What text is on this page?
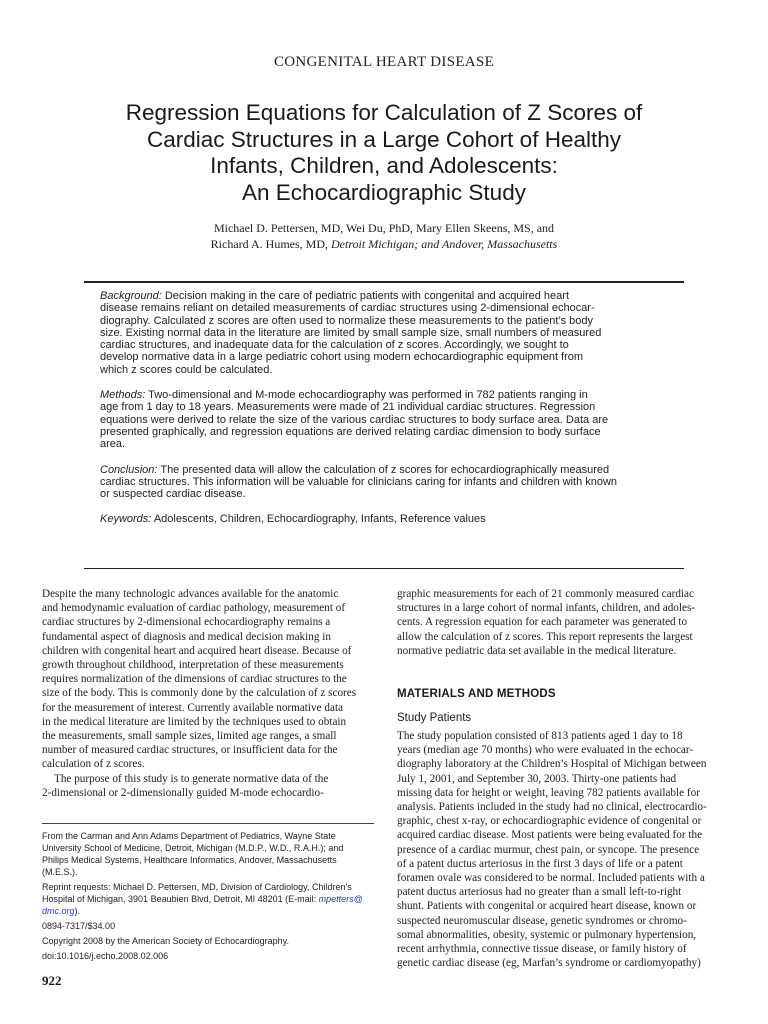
CONGENITAL HEART DISEASE
Regression Equations for Calculation of Z Scores of
Cardiac Structures in a Large Cohort of Healthy
Infants, Children, and Adolescents:
An Echocardiographic Study
Michael D. Pettersen, MD, Wei Du, PhD, Mary Ellen Skeens, MS, and
Richard A. Humes, MD, Detroit Michigan; and Andover, Massachusetts
Background: Decision making in the care of pediatric patients with congenital and acquired heart
disease remains reliant on detailed measurements of cardiac structures using 2-dimensional echocar-
diography. Calculated z scores are often used to normalize these measurements to the patient’s body
size. Existing normal data in the literature are limited by small sample size, small numbers of measured
cardiac structures, and inadequate data for the calculation of z scores. Accordingly, we sought to
develop normative data in a large pediatric cohort using modern echocardiographic equipment from
which z scores could be calculated.
Methods: Two-dimensional and M-mode echocardiography was performed in 782 patients ranging in
age from 1 day to 18 years. Measurements were made of 21 individual cardiac structures. Regression
equations were derived to relate the size of the various cardiac structures to body surface area. Data are
presented graphically, and regression equations are derived relating cardiac dimension to body surface
area.
Conclusion: The presented data will allow the calculation of z scores for echocardiographically measured
cardiac structures. This information will be valuable for clinicians caring for infants and children with known
or suspected cardiac disease.
Keywords: Adolescents, Children, Echocardiography, Infants, Reference values
Despite the many technologic advances available for the anatomic
and hemodynamic evaluation of cardiac pathology, measurement of
cardiac structures by 2-dimensional echocardiography remains a
fundamental aspect of diagnosis and medical decision making in
children with congenital heart and acquired heart disease. Because of
growth throughout childhood, interpretation of these measurements
requires normalization of the dimensions of cardiac structures to the
size of the body. This is commonly done by the calculation of z scores
for the measurement of interest. Currently available normative data
in the medical literature are limited by the techniques used to obtain
the measurements, small sample sizes, limited age ranges, a small
number of measured cardiac structures, or insufficient data for the
calculation of z scores.
The purpose of this study is to generate normative data of the
2-dimensional or 2-dimensionally guided M-mode echocardio-
graphic measurements for each of 21 commonly measured cardiac
structures in a large cohort of normal infants, children, and adoles-
cents. A regression equation for each parameter was generated to
allow the calculation of z scores. This report represents the largest
normative pediatric data set available in the medical literature.
MATERIALS AND METHODS
Study Patients
The study population consisted of 813 patients aged 1 day to 18
years (median age 70 months) who were evaluated in the echocar-
diography laboratory at the Children’s Hospital of Michigan between
July 1, 2001, and September 30, 2003. Thirty-one patients had
missing data for height or weight, leaving 782 patients available for
analysis. Patients included in the study had no clinical, electrocardio-
graphic, chest x-ray, or echocardiographic evidence of congenital or
acquired cardiac disease. Most patients were being evaluated for the
presence of a cardiac murmur, chest pain, or syncope. The presence
of a patent ductus arteriosus in the first 3 days of life or a patent
foramen ovale was considered to be normal. Included patients with a
patent ductus arteriosus had no greater than a small left-to-right
shunt. Patients with congenital or acquired heart disease, known or
suspected neuromuscular disease, genetic syndromes or chromo-
somal abnormalities, obesity, systemic or pulmonary hypertension,
recent arrhythmia, connective tissue disease, or family history of
genetic cardiac disease (eg, Marfan’s syndrome or cardiomyopathy)
From the Carman and Ann Adams Department of Pediatrics, Wayne State
University School of Medicine, Detroit, Michigan (M.D.P., W.D., R.A.H.); and
Philips Medical Systems, Healthcare Informatics, Andover, Massachusetts
(M.E.S.).
Reprint requests: Michael D. Pettersen, MD, Division of Cardiology, Children’s
Hospital of Michigan, 3901 Beaubien Blvd, Detroit, MI 48201 (E-mail: mpetters@
dmc.org).
0894-7317/$34.00
Copyright 2008 by the American Society of Echocardiography.
doi:10.1016/j.echo.2008.02.006
922
